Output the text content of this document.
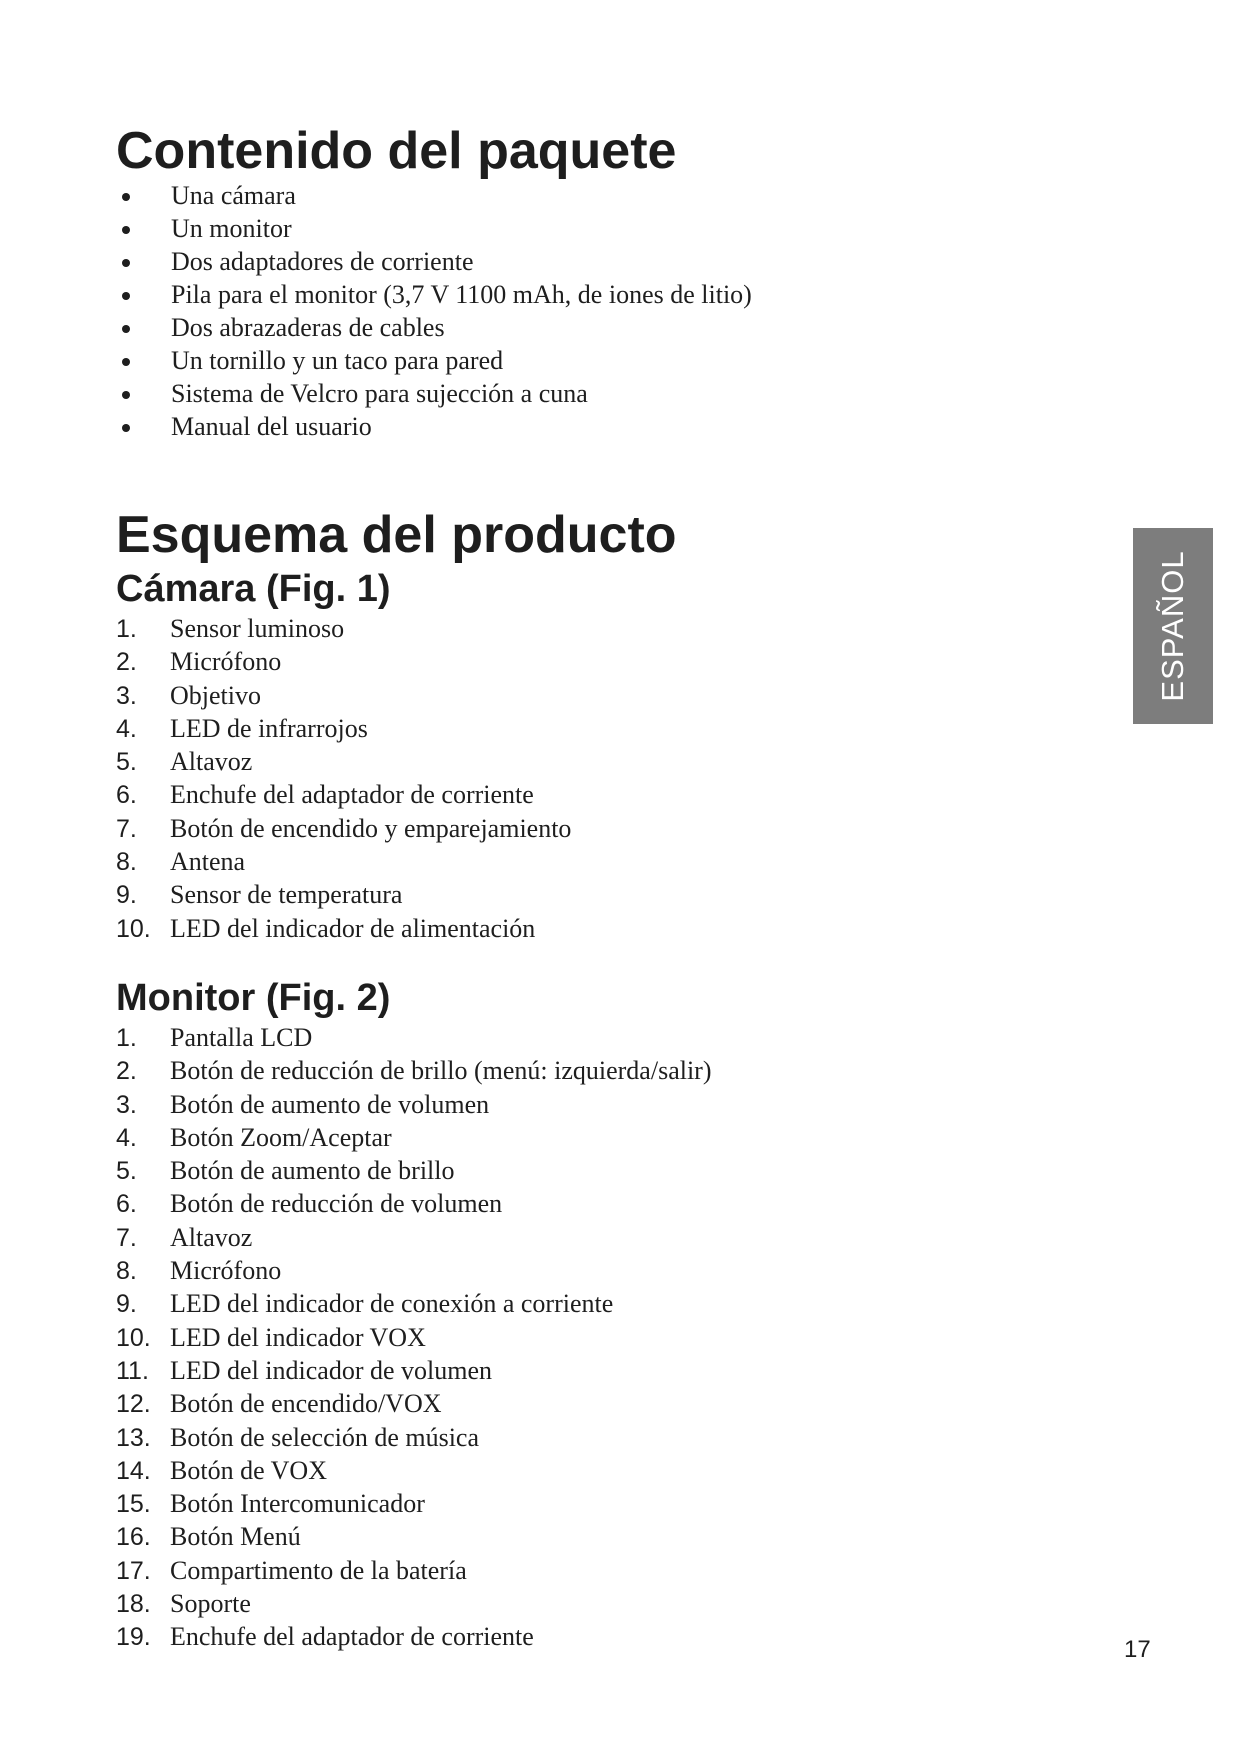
Contenido del paquete
Una cámara
Un monitor
Dos adaptadores de corriente
Pila para el monitor (3,7 V 1100 mAh, de iones de litio)
Dos abrazaderas de cables
Un tornillo y un taco para pared
Sistema de Velcro para sujección a cuna
Manual del usuario
Esquema del producto
Cámara (Fig. 1)
1. Sensor luminoso
2. Micrófono
3. Objetivo
4. LED de infrarrojos
5. Altavoz
6. Enchufe del adaptador de corriente
7. Botón de encendido y emparejamiento
8. Antena
9. Sensor de temperatura
10. LED del indicador de alimentación
Monitor (Fig. 2)
1. Pantalla LCD
2. Botón de reducción de brillo (menú: izquierda/salir)
3. Botón de aumento de volumen
4. Botón Zoom/Aceptar
5. Botón de aumento de brillo
6. Botón de reducción de volumen
7. Altavoz
8. Micrófono
9. LED del indicador de conexión a corriente
10. LED del indicador VOX
11. LED del indicador de volumen
12. Botón de encendido/VOX
13. Botón de selección de música
14. Botón de VOX
15. Botón Intercomunicador
16. Botón Menú
17. Compartimento de la batería
18. Soporte
19. Enchufe del adaptador de corriente
ESPAÑOL
17
